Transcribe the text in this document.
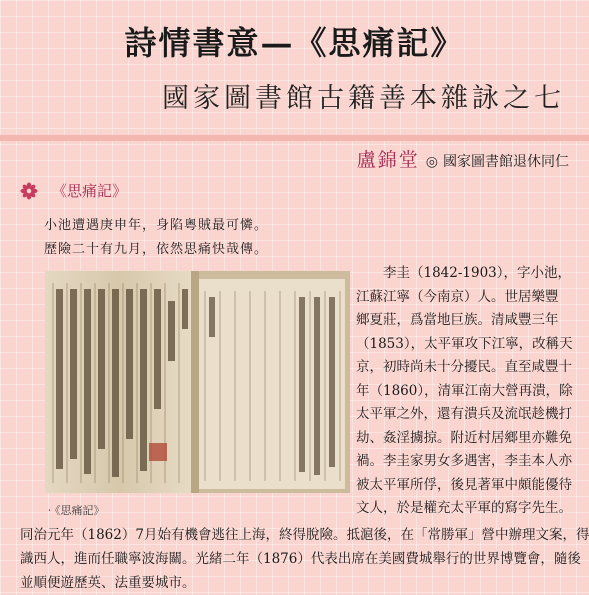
詩情書意—《思痛記》
國家圖書館古籍善本雜詠之七
盧錦堂 ◎ 國家圖書館退休同仁
《思痛記》
小池遭遇庚申年，身陷粵賊最可憐。
歷險二十有九月，依然思痛快哉傳。
‧《思痛記》
　　李圭（1842-1903），字小池，
江蘇江寧（今南京）人。世居樂豐
鄉夏莊，爲當地巨族。清咸豐三年
（1853），太平軍攻下江寧，改稱天
京，初時尚未十分擾民。直至咸豐十
年（1860），清軍江南大營再潰，除
太平軍之外，還有潰兵及流氓趁機打
劫、姦淫擄掠。附近村居鄉里亦難免
禍。李圭家男女多遇害，李圭本人亦
被太平軍所俘，後見著軍中頗能優待
文人，於是權充太平軍的寫字先生。
同治元年（1862）7月始有機會逃往上海，終得脫險。抵滬後，在「常勝軍」營中辦理文案，得
識西人，進而任職寧波海關。光緒二年（1876）代表出席在美國費城舉行的世界博覽會，隨後
並順便遊歷英、法重要城市。
